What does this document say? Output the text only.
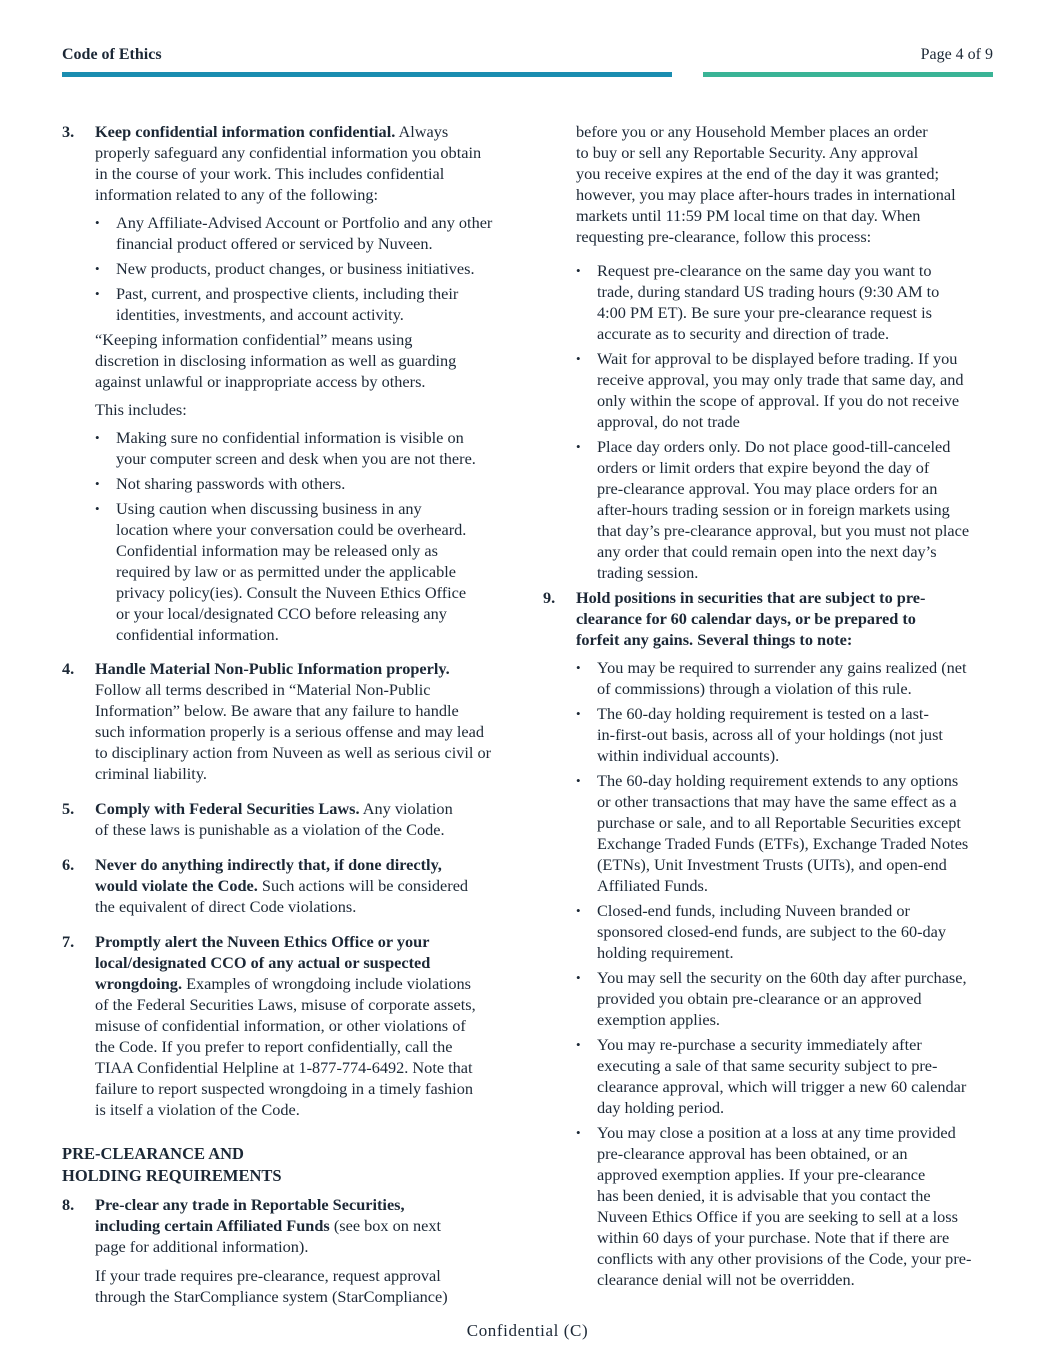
Code of Ethics	Page 4 of 9
3. Keep confidential information confidential. Always
properly safeguard any confidential information you obtain
in the course of your work. This includes confidential
information related to any of the following:
• Any Affiliate-Advised Account or Portfolio and any other
financial product offered or serviced by Nuveen.
• New products, product changes, or business initiatives.
• Past, current, and prospective clients, including their
identities, investments, and account activity.
“Keeping information confidential” means using
discretion in disclosing information as well as guarding
against unlawful or inappropriate access by others.
This includes:
• Making sure no confidential information is visible on
your computer screen and desk when you are not there.
• Not sharing passwords with others.
• Using caution when discussing business in any
location where your conversation could be overheard.
Confidential information may be released only as
required by law or as permitted under the applicable
privacy policy(ies). Consult the Nuveen Ethics Office
or your local/designated CCO before releasing any
confidential information.
4. Handle Material Non-Public Information properly.
Follow all terms described in “Material Non-Public
Information” below. Be aware that any failure to handle
such information properly is a serious offense and may lead
to disciplinary action from Nuveen as well as serious civil or
criminal liability.
5. Comply with Federal Securities Laws. Any violation
of these laws is punishable as a violation of the Code.
6. Never do anything indirectly that, if done directly,
would violate the Code. Such actions will be considered
the equivalent of direct Code violations.
7. Promptly alert the Nuveen Ethics Office or your
local/designated CCO of any actual or suspected
wrongdoing. Examples of wrongdoing include violations
of the Federal Securities Laws, misuse of corporate assets,
misuse of confidential information, or other violations of
the Code. If you prefer to report confidentially, call the
TIAA Confidential Helpline at 1-877-774-6492. Note that
failure to report suspected wrongdoing in a timely fashion
is itself a violation of the Code.
PRE-CLEARANCE AND
HOLDING REQUIREMENTS
8. Pre-clear any trade in Reportable Securities,
including certain Affiliated Funds (see box on next
page for additional information).
If your trade requires pre-clearance, request approval
through the StarCompliance system (StarCompliance)
before you or any Household Member places an order
to buy or sell any Reportable Security. Any approval
you receive expires at the end of the day it was granted;
however, you may place after-hours trades in international
markets until 11:59 PM local time on that day. When
requesting pre-clearance, follow this process:
• Request pre-clearance on the same day you want to
trade, during standard US trading hours (9:30 AM to
4:00 PM ET). Be sure your pre-clearance request is
accurate as to security and direction of trade.
• Wait for approval to be displayed before trading. If you
receive approval, you may only trade that same day, and
only within the scope of approval. If you do not receive
approval, do not trade
• Place day orders only. Do not place good-till-canceled
orders or limit orders that expire beyond the day of
pre-clearance approval. You may place orders for an
after-hours trading session or in foreign markets using
that day’s pre-clearance approval, but you must not place
any order that could remain open into the next day’s
trading session.
9. Hold positions in securities that are subject to pre-
clearance for 60 calendar days, or be prepared to
forfeit any gains. Several things to note:
• You may be required to surrender any gains realized (net
of commissions) through a violation of this rule.
• The 60-day holding requirement is tested on a last-
in-first-out basis, across all of your holdings (not just
within individual accounts).
• The 60-day holding requirement extends to any options
or other transactions that may have the same effect as a
purchase or sale, and to all Reportable Securities except
Exchange Traded Funds (ETFs), Exchange Traded Notes
(ETNs), Unit Investment Trusts (UITs), and open-end
Affiliated Funds.
• Closed-end funds, including Nuveen branded or
sponsored closed-end funds, are subject to the 60-day
holding requirement.
• You may sell the security on the 60th day after purchase,
provided you obtain pre-clearance or an approved
exemption applies.
• You may re-purchase a security immediately after
executing a sale of that same security subject to pre-
clearance approval, which will trigger a new 60 calendar
day holding period.
• You may close a position at a loss at any time provided
pre-clearance approval has been obtained, or an
approved exemption applies. If your pre-clearance
has been denied, it is advisable that you contact the
Nuveen Ethics Office if you are seeking to sell at a loss
within 60 days of your purchase. Note that if there are
conflicts with any other provisions of the Code, your pre-
clearance denial will not be overridden.
Confidential (C)
